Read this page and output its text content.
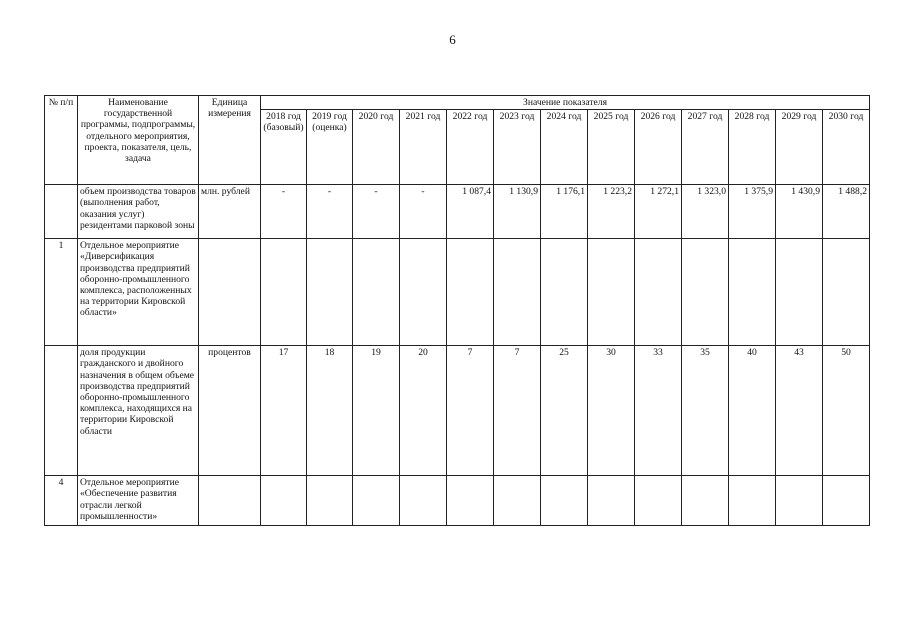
6
№ п/п	Наименование государственной программы, подпрограммы, отдельного мероприятия, проекта, показателя, цель, задача	Единица измерения	Значение показателя												
			2018 год (базовый)	2019 год (оценка)	2020 год	2021 год	2022 год	2023 год	2024 год	2025 год	2026 год	2027 год	2028 год	2029 год	2030 год
	объем производства товаров (выполнения работ, оказания услуг) резидентами парковой зоны	млн. рублей	-	-	-	-	1 087,4	1 130,9	1 176,1	1 223,2	1 272,1	1 323,0	1 375,9	1 430,9	1 488,2
1	Отдельное мероприятие «Диверсификация производства предприятий оборонно-промышленного комплекса, расположенных на территории Кировской области»														
	доля продукции гражданского и двойного назначения в общем объеме производства предприятий оборонно-промышленного комплекса, находящихся на территории Кировской области	процентов	17	18	19	20	7	7	25	30	33	35	40	43	50
4	Отдельное мероприятие «Обеспечение развития отрасли легкой промышленности»														
